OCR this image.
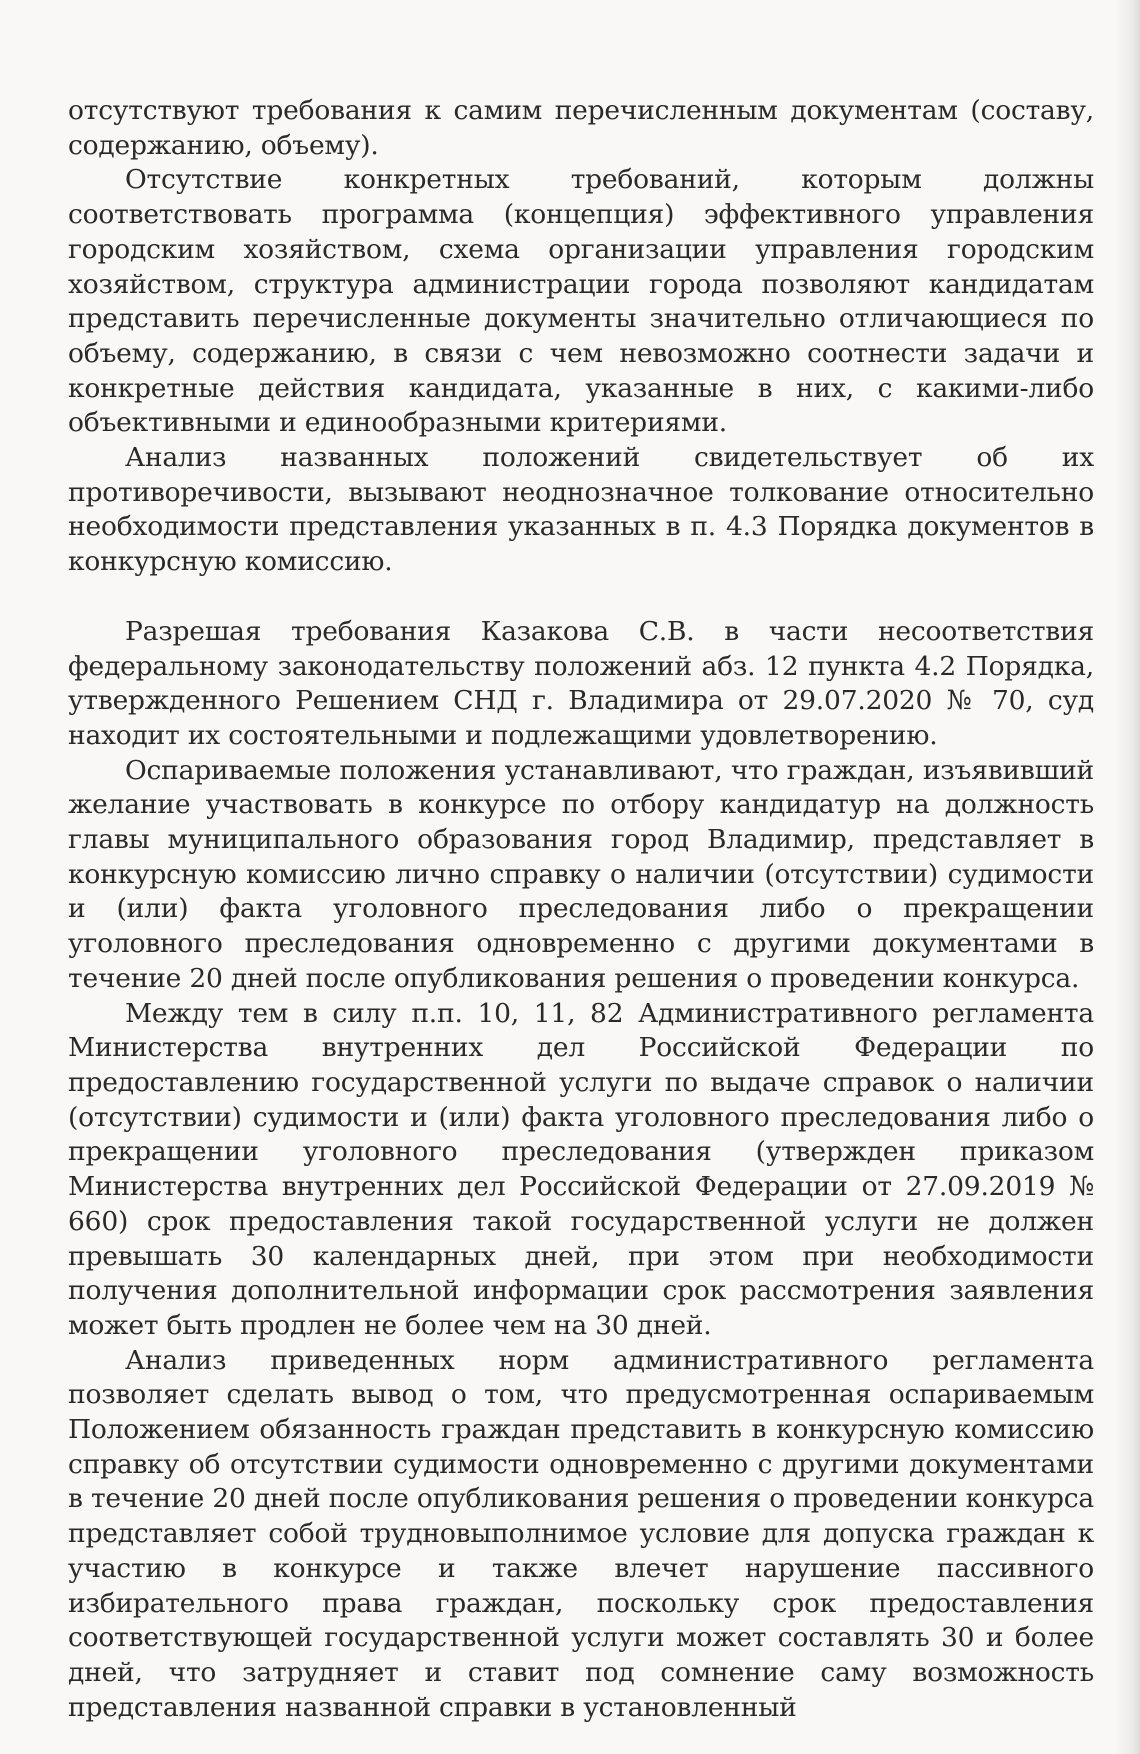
отсутствуют требования к самим перечисленным документам (составу, содержанию, объему).

Отсутствие конкретных требований, которым должны соответствовать программа (концепция) эффективного управления городским хозяйством, схема организации управления городским хозяйством, структура администрации города позволяют кандидатам представить перечисленные документы значительно отличающиеся по объему, содержанию, в связи с чем невозможно соотнести задачи и конкретные действия кандидата, указанные в них, с какими-либо объективными и единообразными критериями.

Анализ названных положений свидетельствует об их противоречивости, вызывают неоднозначное толкование относительно необходимости представления указанных в п. 4.3 Порядка документов в конкурсную комиссию.

Разрешая требования Казакова С.В. в части несоответствия федеральному законодательству положений абз. 12 пункта 4.2 Порядка, утвержденного Решением СНД г. Владимира от 29.07.2020 № 70, суд находит их состоятельными и подлежащими удовлетворению.

Оспариваемые положения устанавливают, что граждан, изъявивший желание участвовать в конкурсе по отбору кандидатур на должность главы муниципального образования город Владимир, представляет в конкурсную комиссию лично справку о наличии (отсутствии) судимости и (или) факта уголовного преследования либо о прекращении уголовного преследования одновременно с другими документами в течение 20 дней после опубликования решения о проведении конкурса.

Между тем в силу п.п. 10, 11, 82 Административного регламента Министерства внутренних дел Российской Федерации по предоставлению государственной услуги по выдаче справок о наличии (отсутствии) судимости и (или) факта уголовного преследования либо о прекращении уголовного преследования (утвержден приказом Министерства внутренних дел Российской Федерации от 27.09.2019 № 660) срок предоставления такой государственной услуги не должен превышать 30 календарных дней, при этом при необходимости получения дополнительной информации срок рассмотрения заявления может быть продлен не более чем на 30 дней.

Анализ приведенных норм административного регламента позволяет сделать вывод о том, что предусмотренная оспариваемым Положением обязанность граждан представить в конкурсную комиссию справку об отсутствии судимости одновременно с другими документами в течение 20 дней после опубликования решения о проведении конкурса представляет собой трудновыполнимое условие для допуска граждан к участию в конкурсе и также влечет нарушение пассивного избирательного права граждан, поскольку срок предоставления соответствующей государственной услуги может составлять 30 и более дней, что затрудняет и ставит под сомнение саму возможность представления названной справки в установленный
